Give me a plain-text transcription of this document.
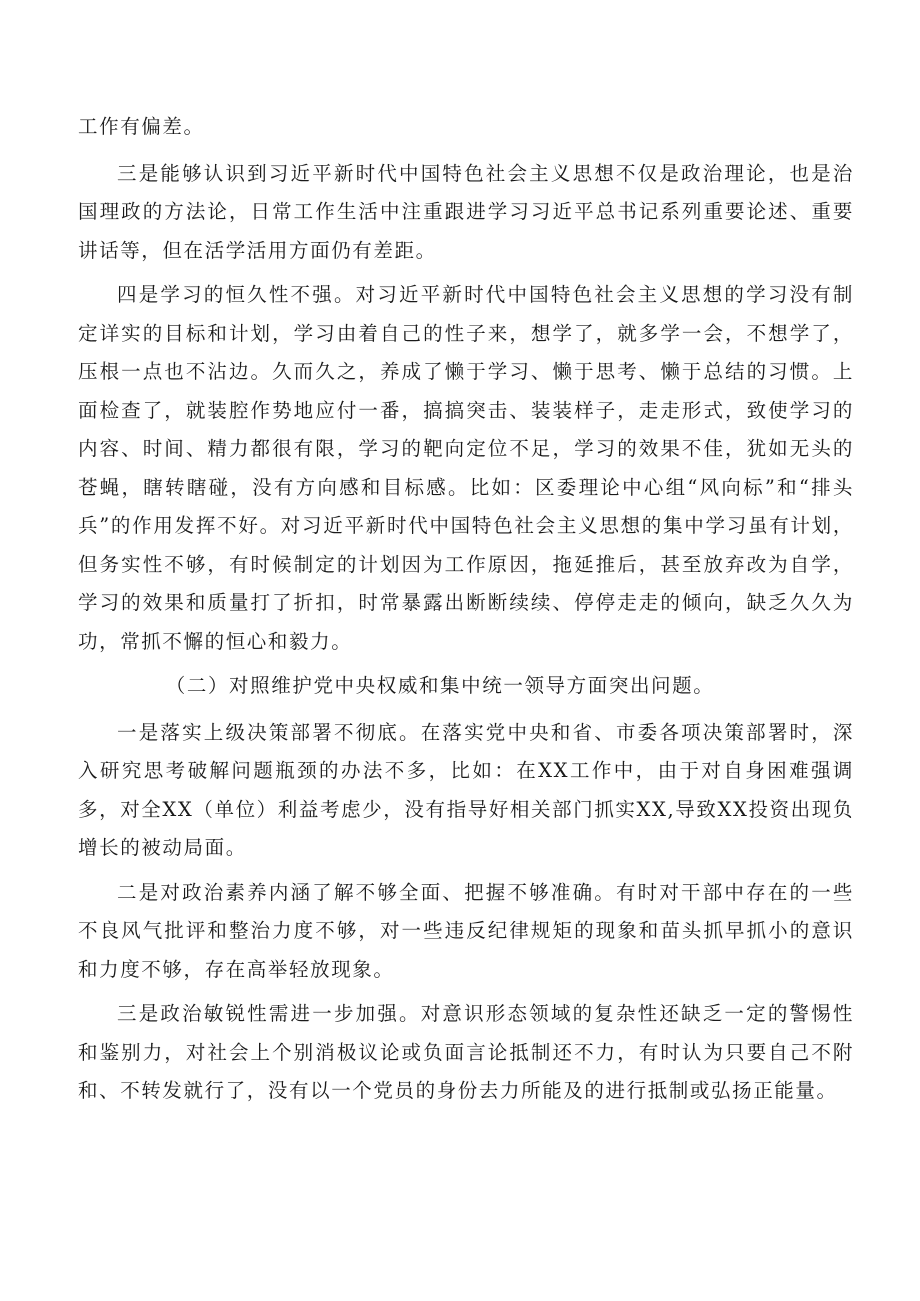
工作有偏差。

三是能够认识到习近平新时代中国特色社会主义思想不仅是政治理论，也是治国理政的方法论，日常工作生活中注重跟进学习习近平总书记系列重要论述、重要讲话等，但在活学活用方面仍有差距。

四是学习的恒久性不强。对习近平新时代中国特色社会主义思想的学习没有制定详实的目标和计划，学习由着自己的性子来，想学了，就多学一会，不想学了，压根一点也不沾边。久而久之，养成了懒于学习、懒于思考、懒于总结的习惯。上面检查了，就装腔作势地应付一番，搞搞突击、装装样子，走走形式，致使学习的内容、时间、精力都很有限，学习的靶向定位不足，学习的效果不佳，犹如无头的苍蝇，瞎转瞎碰，没有方向感和目标感。比如：区委理论中心组“风向标”和“排头兵”的作用发挥不好。对习近平新时代中国特色社会主义思想的集中学习虽有计划，但务实性不够，有时候制定的计划因为工作原因，拖延推后，甚至放弃改为自学，学习的效果和质量打了折扣，时常暴露出断断续续、停停走走的倾向，缺乏久久为功，常抓不懈的恒心和毅力。

（二）对照维护党中央权威和集中统一领导方面突出问题。

一是落实上级决策部署不彻底。在落实党中央和省、市委各项决策部署时，深入研究思考破解问题瓶颈的办法不多，比如：在XX工作中，由于对自身困难强调多，对全XX（单位）利益考虑少，没有指导好相关部门抓实XX,导致XX投资出现负增长的被动局面。

二是对政治素养内涵了解不够全面、把握不够准确。有时对干部中存在的一些不良风气批评和整治力度不够，对一些违反纪律规矩的现象和苗头抓早抓小的意识和力度不够，存在高举轻放现象。

三是政治敏锐性需进一步加强。对意识形态领域的复杂性还缺乏一定的警惕性和鉴别力，对社会上个别消极议论或负面言论抵制还不力，有时认为只要自己不附和、不转发就行了，没有以一个党员的身份去力所能及的进行抵制或弘扬正能量。
